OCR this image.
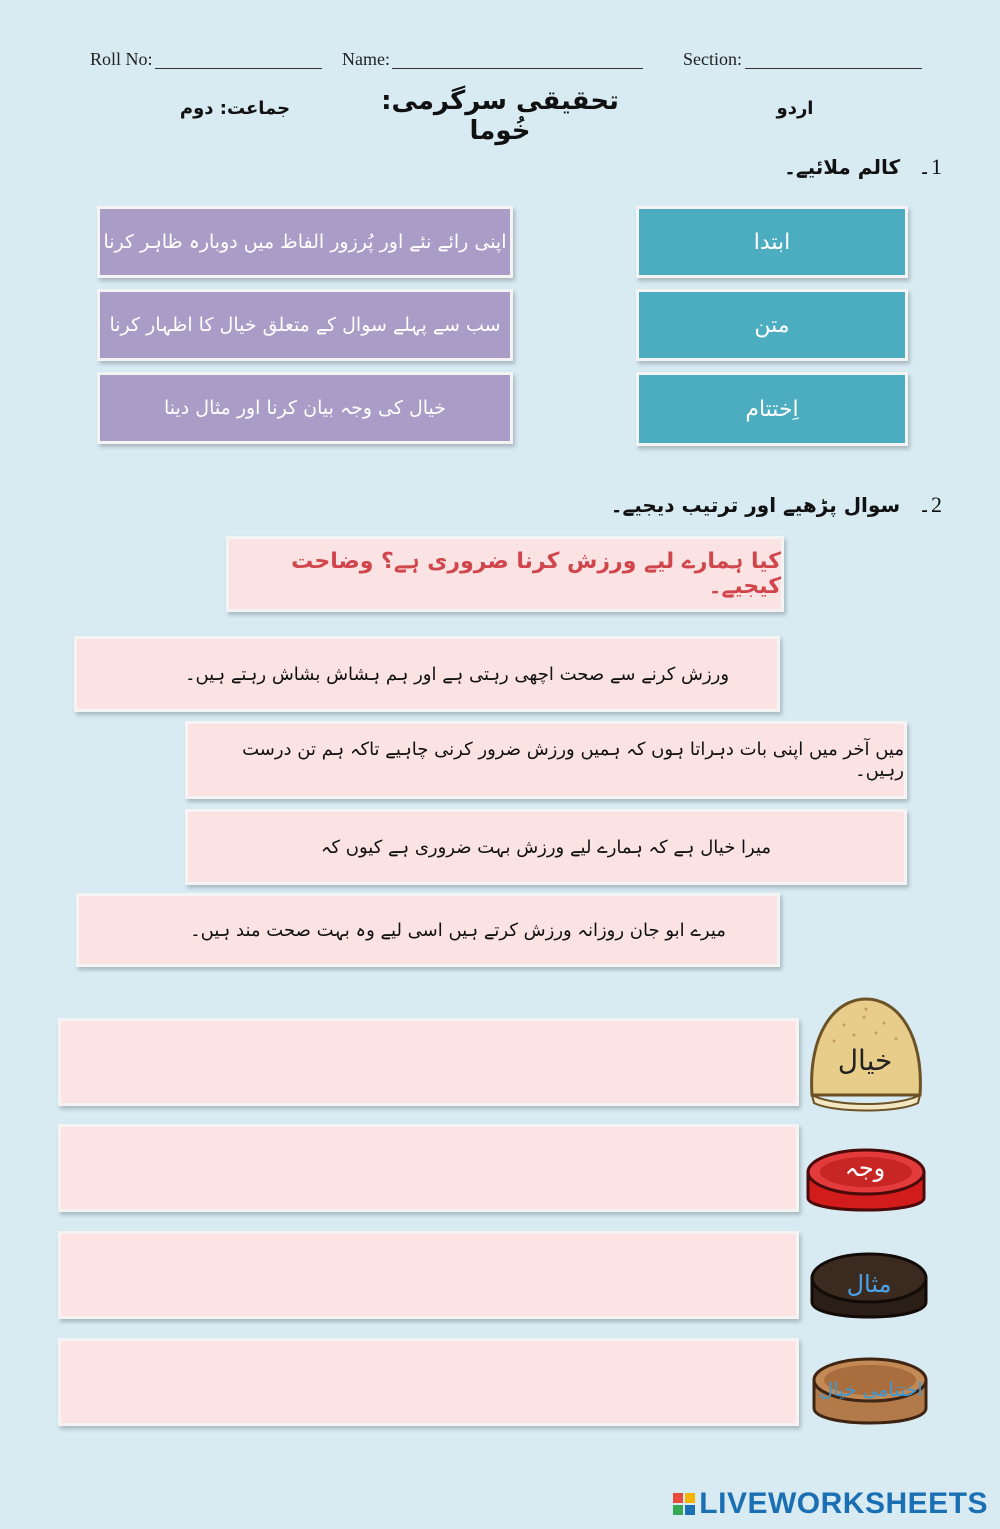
Roll No:	Name:	Section:
جماعت: دوم	تحقیقی سرگرمی: خُوما
اردو
1۔
کالم ملائیے۔
اپنی رائے نئے اور پُرزور الفاظ میں دوبارہ ظاہر کرنا
سب سے پہلے سوال کے متعلق خیال کا اظہار کرنا
خیال کی وجہ بیان کرنا اور مثال دینا
ابتدا
متن
اِختتام
2۔
سوال پڑھیے اور ترتیب دیجیے۔
کیا ہمارے لیے ورزش کرنا ضروری ہے؟ وضاحت کیجیے۔
ورزش کرنے سے صحت اچھی رہتی ہے اور ہم ہشاش بشاش رہتے ہیں۔
میں آخر میں اپنی بات دہراتا ہوں کہ ہمیں ورزش ضرور کرنی چاہیے تاکہ ہم تن درست رہیں۔
میرا خیال ہے کہ ہمارے لیے ورزش بہت ضروری ہے کیوں کہ
میرے ابو جان روزانہ ورزش کرتے ہیں اسی لیے وہ بہت صحت مند ہیں۔
خیال
وجہ
مثال
اختتامی خیال
LIVEWORKSHEETS
